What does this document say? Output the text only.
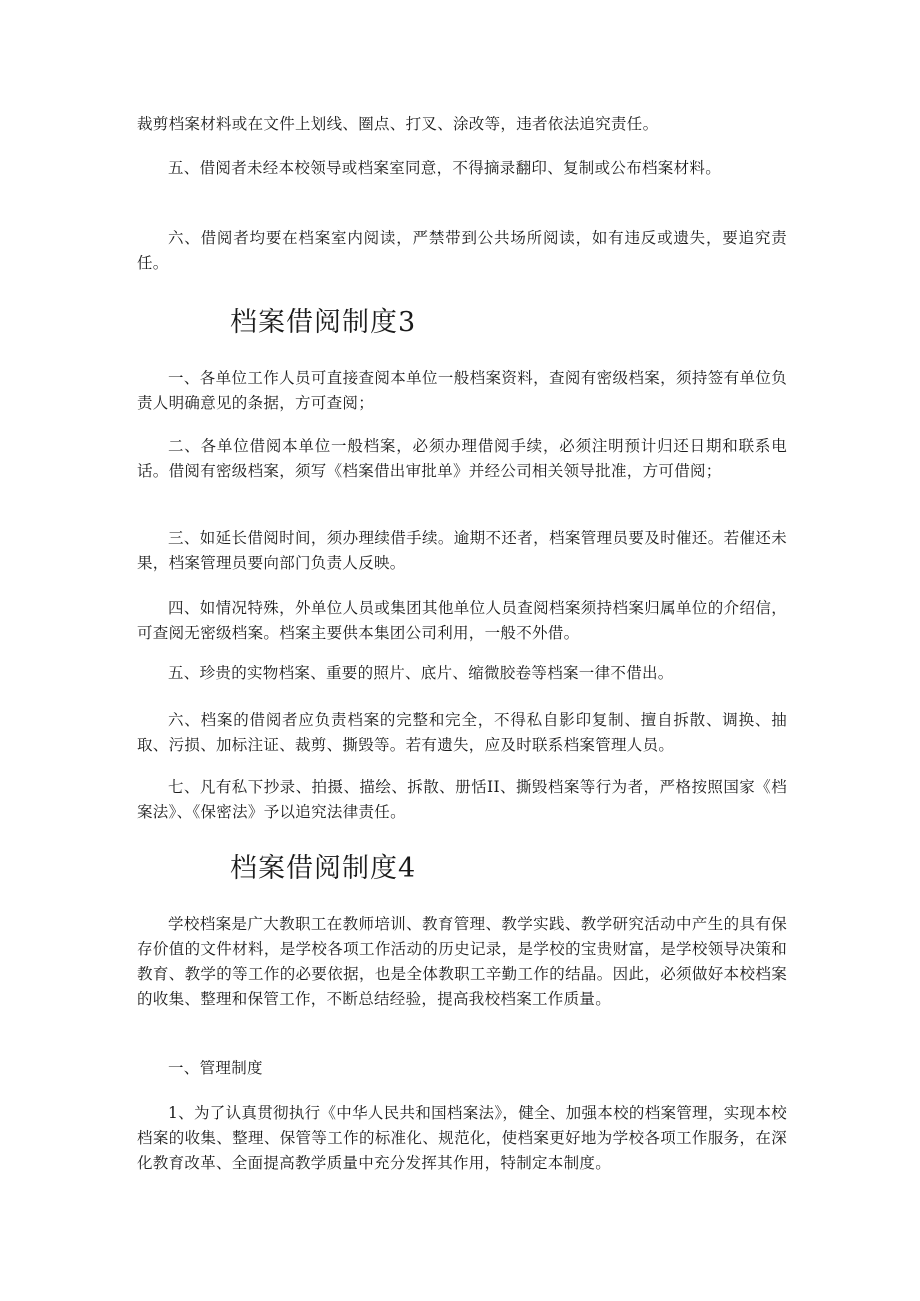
裁剪档案材料或在文件上划线、圈点、打叉、涂改等，违者依法追究责任。

五、借阅者未经本校领导或档案室同意，不得摘录翻印、复制或公布档案材料。

六、借阅者均要在档案室内阅读，严禁带到公共场所阅读，如有违反或遗失，要追究责任。

档案借阅制度3

一、各单位工作人员可直接查阅本单位一般档案资料，查阅有密级档案，须持签有单位负责人明确意见的条据，方可查阅；

二、各单位借阅本单位一般档案，必须办理借阅手续，必须注明预计归还日期和联系电话。借阅有密级档案，须写《档案借出审批单》并经公司相关领导批准，方可借阅；

三、如延长借阅时间，须办理续借手续。逾期不还者，档案管理员要及时催还。若催还未果，档案管理员要向部门负责人反映。

四、如情况特殊，外单位人员或集团其他单位人员查阅档案须持档案归属单位的介绍信，可查阅无密级档案。档案主要供本集团公司利用，一般不外借。

五、珍贵的实物档案、重要的照片、底片、缩微胶卷等档案一律不借出。

六、档案的借阅者应负责档案的完整和完全，不得私自影印复制、擅自拆散、调换、抽取、污损、加标注证、裁剪、撕毁等。若有遗失，应及时联系档案管理人员。

七、凡有私下抄录、拍摄、描绘、拆散、册恬II、撕毁档案等行为者，严格按照国家《档案法》、《保密法》予以追究法律责任。

档案借阅制度4

学校档案是广大教职工在教师培训、教育管理、教学实践、教学研究活动中产生的具有保存价值的文件材料，是学校各项工作活动的历史记录，是学校的宝贵财富，是学校领导决策和教育、教学的等工作的必要依据，也是全体教职工辛勤工作的结晶。因此，必须做好本校档案的收集、整理和保管工作，不断总结经验，提高我校档案工作质量。

一、管理制度

1、为了认真贯彻执行《中华人民共和国档案法》，健全、加强本校的档案管理，实现本校档案的收集、整理、保管等工作的标准化、规范化，使档案更好地为学校各项工作服务，在深化教育改革、全面提高教学质量中充分发挥其作用，特制定本制度。
